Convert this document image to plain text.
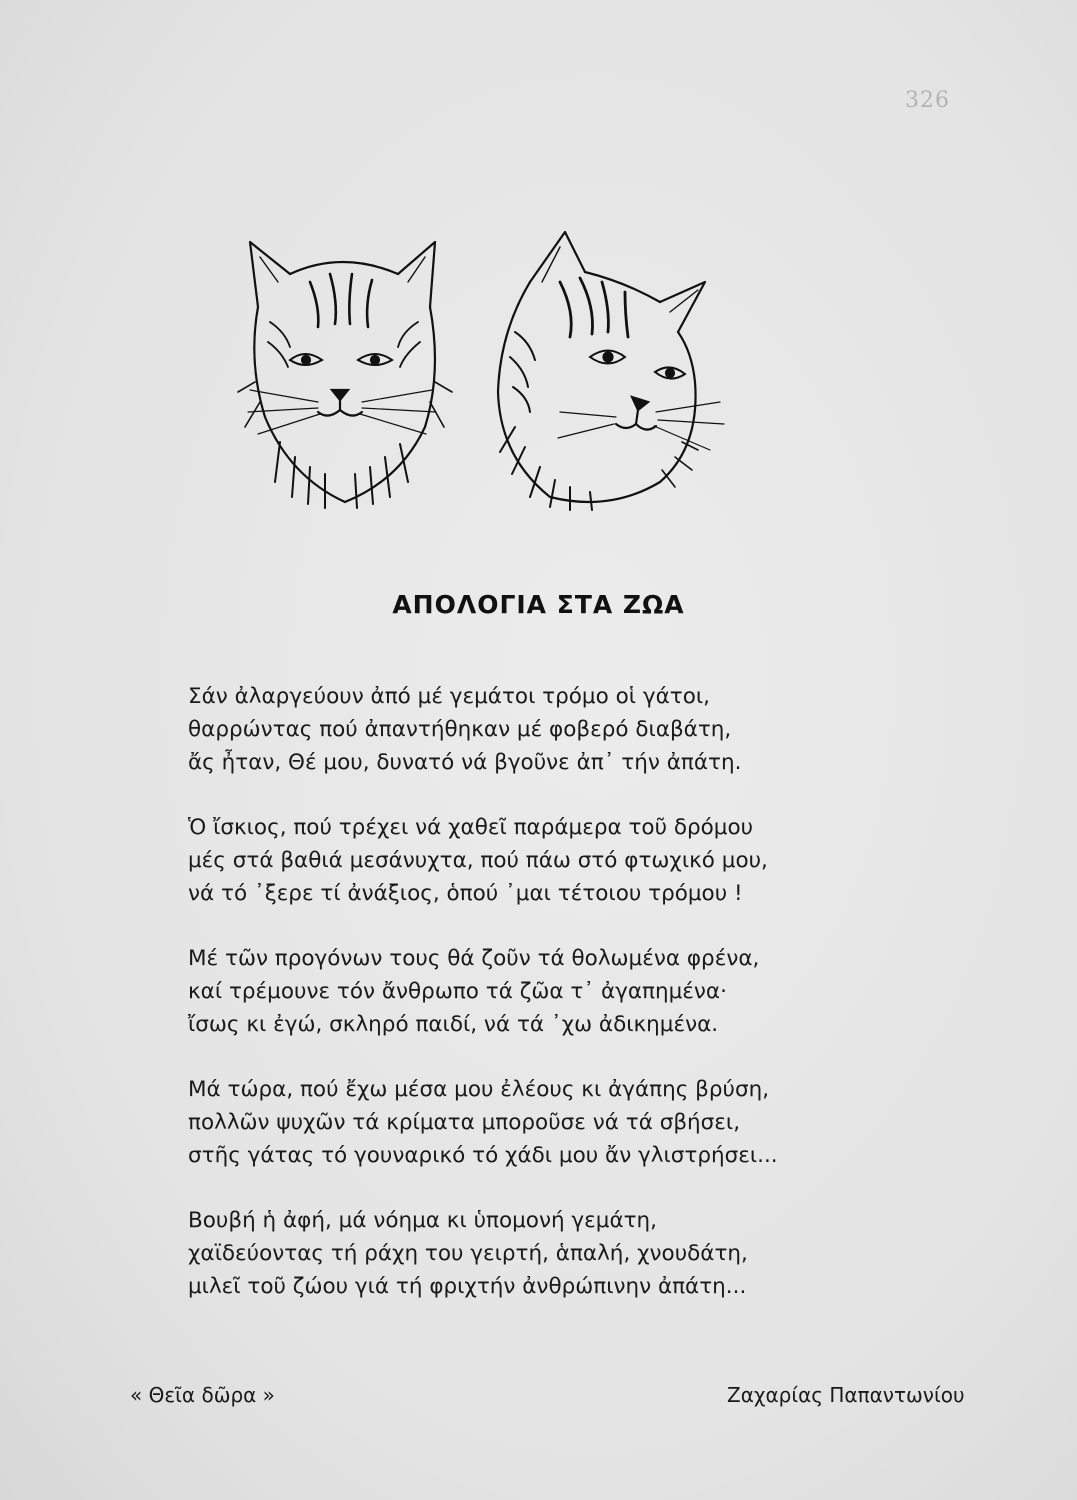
326
ΑΠΟΛΟΓΙΑ ΣΤΑ ΖΩΑ
Σάν ἀλαργεύουν ἀπό μέ γεμάτοι τρόμο οἱ γάτοι,
θαρρώντας πού ἀπαντήθηκαν μέ φοβερό διαβάτη,
ἄς ἦταν, Θέ μου, δυνατό νά βγοῦνε ἀπ᾽ τήν ἀπάτη.
Ὁ ἴσκιος, πού τρέχει νά χαθεῖ παράμερα τοῦ δρόμου
μές στά βαθιά μεσάνυχτα, πού πάω στό φτωχικό μου,
νά τό ᾽ξερε τί ἀνάξιος, ὁπού ᾽μαι τέτοιου τρόμου !
Μέ τῶν προγόνων τους θά ζοῦν τά θολωμένα φρένα,
καί τρέμουνε τόν ἄνθρωπο τά ζῶα τ᾽ ἀγαπημένα·
ἴσως κι ἐγώ, σκληρό παιδί, νά τά ᾽χω ἀδικημένα.
Μά τώρα, πού ἔχω μέσα μου ἐλέους κι ἀγάπης βρύση,
πολλῶν ψυχῶν τά κρίματα μποροῦσε νά τά σβήσει,
στῆς γάτας τό γουναρικό τό χάδι μου ἄν γλιστρήσει...
Βουβή ἡ ἀφή, μά νόημα κι ὑπομονή γεμάτη,
χαϊδεύοντας τή ράχη του γειρτή, ἁπαλή, χνουδάτη,
μιλεῖ τοῦ ζώου γιά τή φριχτήν ἀνθρώπινην ἀπάτη...
« Θεῖα δῶρα »	Ζαχαρίας Παπαντωνίου
